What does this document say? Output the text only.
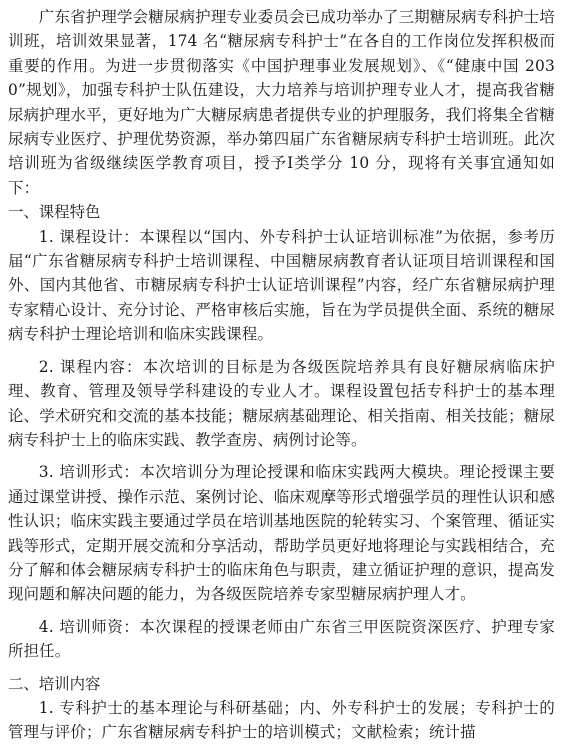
广东省护理学会糖尿病护理专业委员会已成功举办了三期糖尿病专科护士培训班，培训效果显著，174 名“糖尿病专科护士”在各自的工作岗位发挥积极而重要的作用。为进一步贯彻落实《中国护理事业发展规划》、《“健康中国 2030”规划》，加强专科护士队伍建设，大力培养与培训护理专业人才，提高我省糖尿病护理水平，更好地为广大糖尿病患者提供专业的护理服务，我们将集全省糖尿病专业医疗、护理优势资源，举办第四届广东省糖尿病专科护士培训班。此次培训班为省级继续医学教育项目，授予Ⅰ类学分 10 分，现将有关事宜通知如下：

一、课程特色

1. 课程设计：本课程以“国内、外专科护士认证培训标准”为依据，参考历届“广东省糖尿病专科护士培训课程、中国糖尿病教育者认证项目培训课程和国外、国内其他省、市糖尿病专科护士认证培训课程”内容，经广东省糖尿病护理专家精心设计、充分讨论、严格审核后实施，旨在为学员提供全面、系统的糖尿病专科护士理论培训和临床实践课程。

2. 课程内容：本次培训的目标是为各级医院培养具有良好糖尿病临床护理、教育、管理及领导学科建设的专业人才。课程设置包括专科护士的基本理论、学术研究和交流的基本技能；糖尿病基础理论、相关指南、相关技能；糖尿病专科护士上的临床实践、教学查房、病例讨论等。

3. 培训形式：本次培训分为理论授课和临床实践两大模块。理论授课主要通过课堂讲授、操作示范、案例讨论、临床观摩等形式增强学员的理性认识和感性认识；临床实践主要通过学员在培训基地医院的轮转实习、个案管理、循证实践等形式，定期开展交流和分享活动，帮助学员更好地将理论与实践相结合，充分了解和体会糖尿病专科护士的临床角色与职责，建立循证护理的意识，提高发现问题和解决问题的能力，为各级医院培养专家型糖尿病护理人才。

4. 培训师资：本次课程的授课老师由广东省三甲医院资深医疗、护理专家所担任。

二、培训内容

1. 专科护士的基本理论与科研基础；内、外专科护士的发展；专科护士的管理与评价；广东省糖尿病专科护士的培训模式；文献检索；统计描
